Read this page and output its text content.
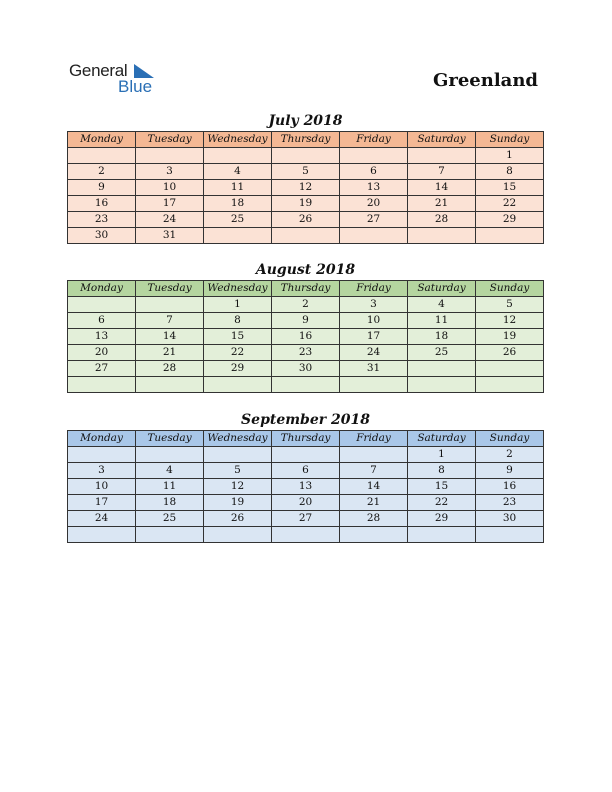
General
Blue	Greenland
July 2018
Monday	Tuesday	Wednesday	Thursday	Friday	Saturday	Sunday
						1
2	3	4	5	6	7	8
9	10	11	12	13	14	15
16	17	18	19	20	21	22
23	24	25	26	27	28	29
30	31					
August 2018
Monday	Tuesday	Wednesday	Thursday	Friday	Saturday	Sunday
		1	2	3	4	5
6	7	8	9	10	11	12
13	14	15	16	17	18	19
20	21	22	23	24	25	26
27	28	29	30	31		

September 2018
Monday	Tuesday	Wednesday	Thursday	Friday	Saturday	Sunday
					1	2
3	4	5	6	7	8	9
10	11	12	13	14	15	16
17	18	19	20	21	22	23
24	25	26	27	28	29	30
